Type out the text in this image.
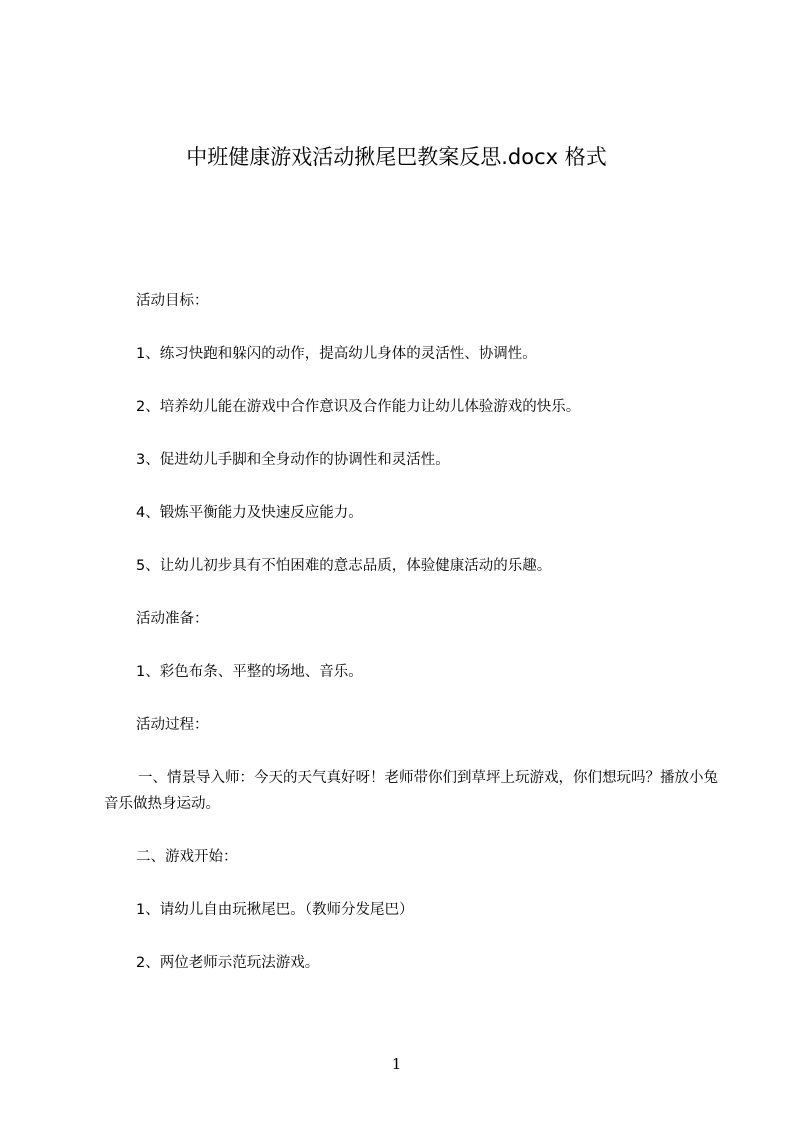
中班健康游戏活动揪尾巴教案反思.docx 格式
活动目标：
1、练习快跑和躲闪的动作，提高幼儿身体的灵活性、协调性。
2、培养幼儿能在游戏中合作意识及合作能力让幼儿体验游戏的快乐。
3、促进幼儿手脚和全身动作的协调性和灵活性。
4、锻炼平衡能力及快速反应能力。
5、让幼儿初步具有不怕困难的意志品质，体验健康活动的乐趣。
活动准备：
1、彩色布条、平整的场地、音乐。
活动过程：
一、情景导入师：今天的天气真好呀！老师带你们到草坪上玩游戏，你们想玩吗？播放小兔音乐做热身运动。
二、游戏开始：
1、请幼儿自由玩揪尾巴。（教师分发尾巴）
2、两位老师示范玩法游戏。
1
